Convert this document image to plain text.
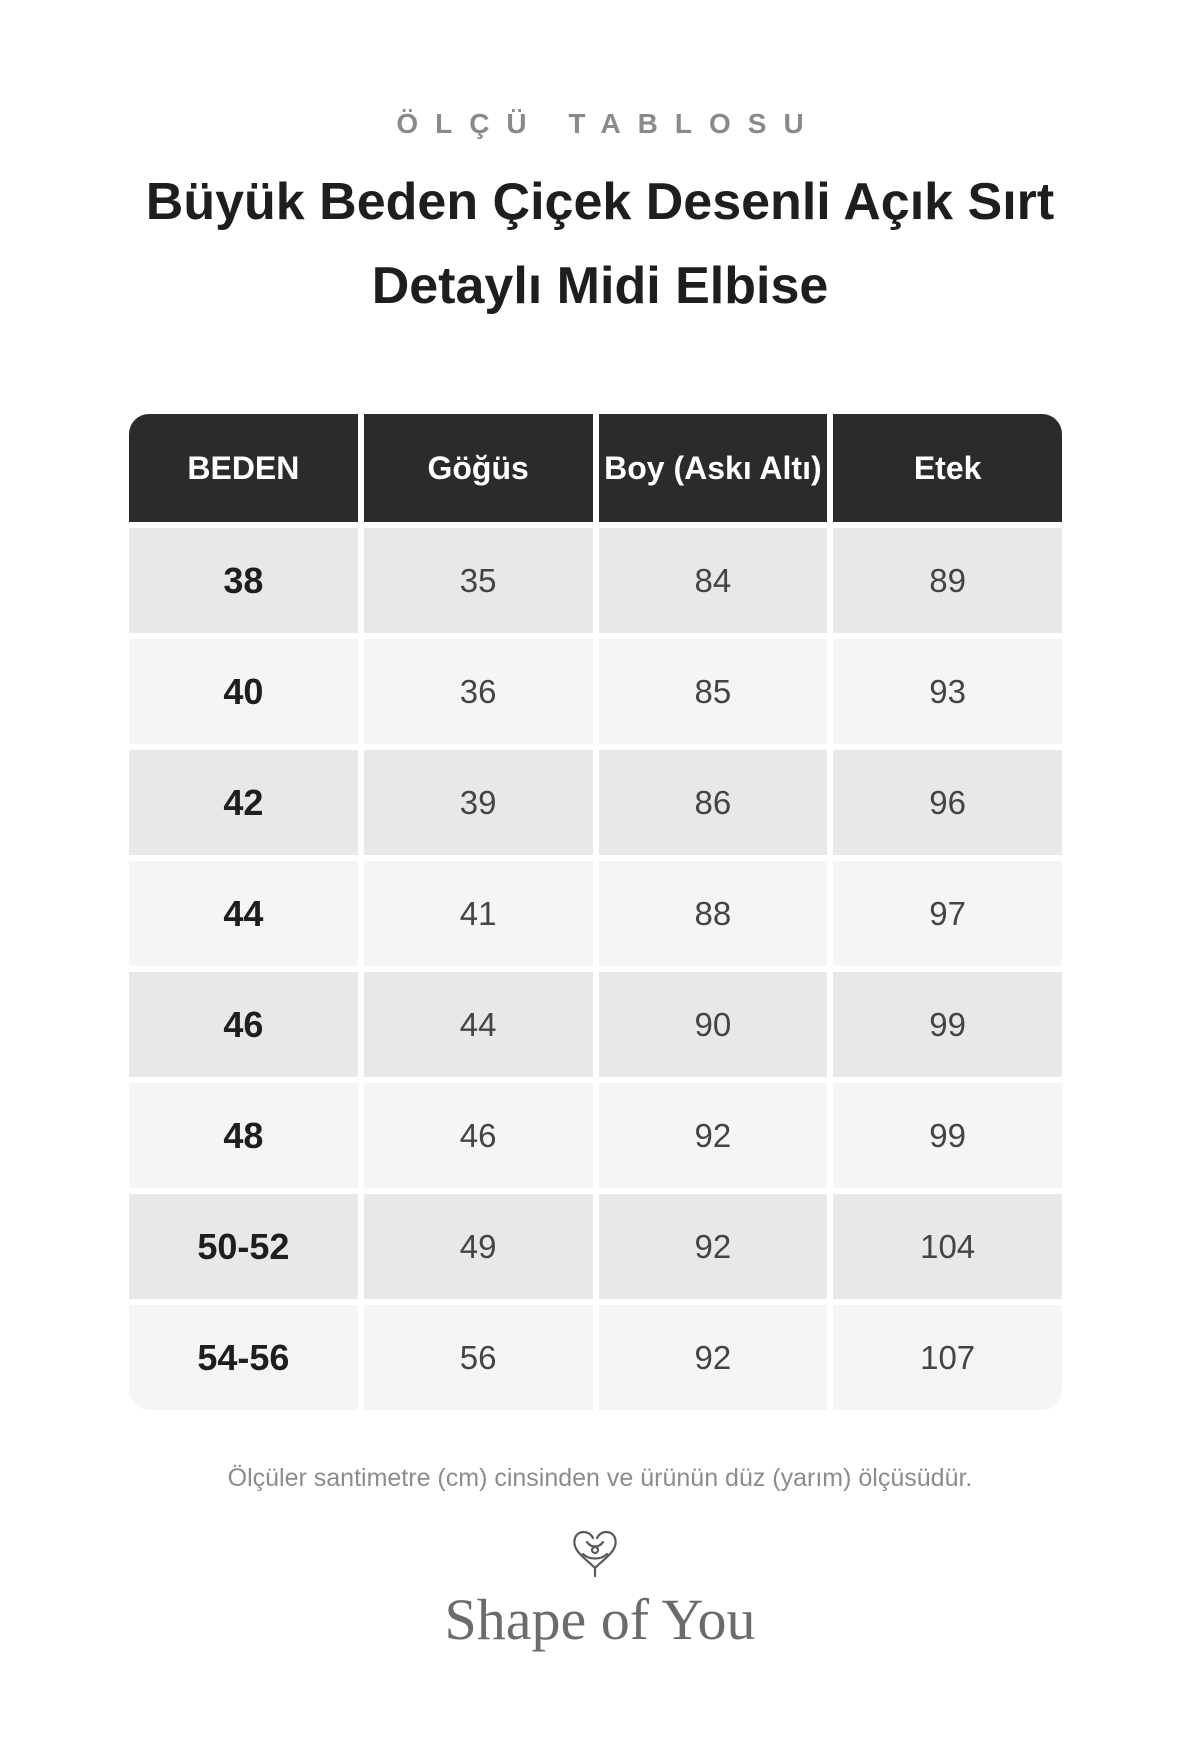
ÖLÇÜ TABLOSU
Büyük Beden Çiçek Desenli Açık Sırt Detaylı Midi Elbise
BEDEN	Göğüs	Boy (Askı Altı)	Etek
38	35	84	89
40	36	85	93
42	39	86	96
44	41	88	97
46	44	90	99
48	46	92	99
50-52	49	92	104
54-56	56	92	107
Ölçüler santimetre (cm) cinsinden ve ürünün düz (yarım) ölçüsüdür.
Shape of You
